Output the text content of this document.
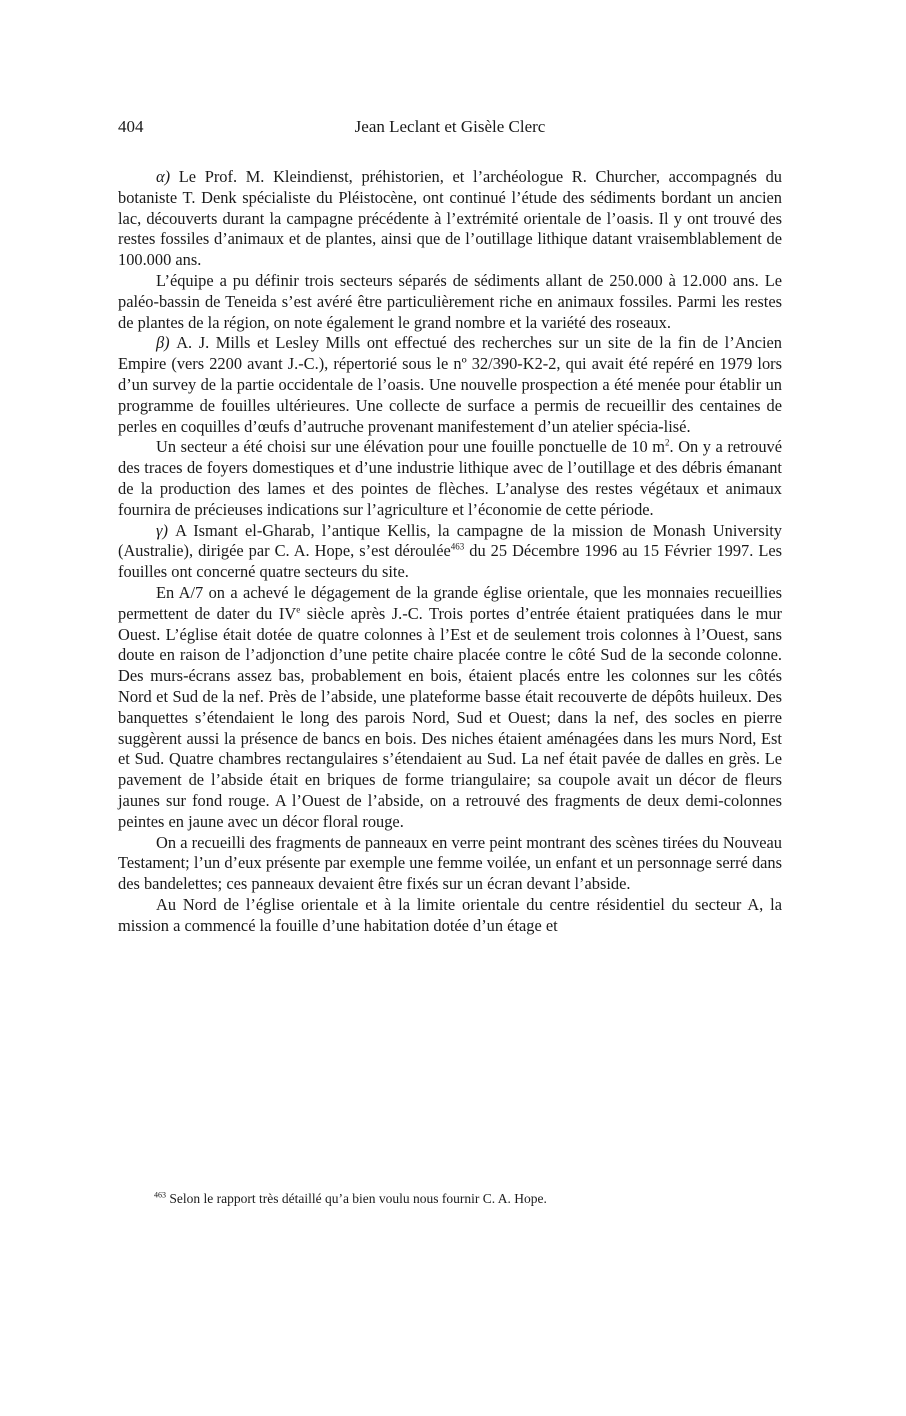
404	Jean Leclant et Gisèle Clerc

α) Le Prof. M. Kleindienst, préhistorien, et l’archéologue R. Churcher, accompagnés du botaniste T. Denk spécialiste du Pléistocène, ont continué l’étude des sédiments bordant un ancien lac, découverts durant la campagne précédente à l’extrémité orientale de l’oasis. Il y ont trouvé des restes fossiles d’animaux et de plantes, ainsi que de l’outillage lithique datant vraisemblablement de 100.000 ans.

L’équipe a pu définir trois secteurs séparés de sédiments allant de 250.000 à 12.000 ans. Le paléo-bassin de Teneida s’est avéré être particulièrement riche en animaux fossiles. Parmi les restes de plantes de la région, on note également le grand nombre et la variété des roseaux.

β) A. J. Mills et Lesley Mills ont effectué des recherches sur un site de la fin de l’Ancien Empire (vers 2200 avant J.-C.), répertorié sous le nº 32/390-K2-2, qui avait été repéré en 1979 lors d’un survey de la partie occidentale de l’oasis. Une nouvelle prospection a été menée pour établir un programme de fouilles ultérieures. Une collecte de surface a permis de recueillir des centaines de perles en coquilles d’œufs d’autruche provenant manifestement d’un atelier spécia-lisé.

Un secteur a été choisi sur une élévation pour une fouille ponctuelle de 10 $m^2$. On y a retrouvé des traces de foyers domestiques et d’une industrie lithique avec de l’outillage et des débris émanant de la production des lames et des pointes de flèches. L’analyse des restes végétaux et animaux fournira de précieuses indications sur l’agriculture et l’économie de cette période.

γ) A Ismant el-Gharab, l’antique Kellis, la campagne de la mission de Monash University (Australie), dirigée par C. A. Hope, s’est déroulée$^{463}$ du 25 Décembre 1996 au 15 Février 1997. Les fouilles ont concerné quatre secteurs du site.

En A/7 on a achevé le dégagement de la grande église orientale, que les monnaies recueillies permettent de dater du IVe siècle après J.-C. Trois portes d’entrée étaient pratiquées dans le mur Ouest. L’église était dotée de quatre colonnes à l’Est et de seulement trois colonnes à l’Ouest, sans doute en raison de l’adjonction d’une petite chaire placée contre le côté Sud de la seconde colonne. Des murs-écrans assez bas, probablement en bois, étaient placés entre les colonnes sur les côtés Nord et Sud de la nef. Près de l’abside, une plateforme basse était recouverte de dépôts huileux. Des banquettes s’étendaient le long des parois Nord, Sud et Ouest; dans la nef, des socles en pierre suggèrent aussi la présence de bancs en bois. Des niches étaient aménagées dans les murs Nord, Est et Sud. Quatre chambres rectangulaires s’étendaient au Sud. La nef était pavée de dalles en grès. Le pavement de l’abside était en briques de forme triangulaire; sa coupole avait un décor de fleurs jaunes sur fond rouge. A l’Ouest de l’abside, on a retrouvé des fragments de deux demi-colonnes peintes en jaune avec un décor floral rouge.

On a recueilli des fragments de panneaux en verre peint montrant des scènes tirées du Nouveau Testament; l’un d’eux présente par exemple une femme voilée, un enfant et un personnage serré dans des bandelettes; ces panneaux devaient être fixés sur un écran devant l’abside.

Au Nord de l’église orientale et à la limite orientale du centre résidentiel du secteur A, la mission a commencé la fouille d’une habitation dotée d’un étage et

$^{463}$ Selon le rapport très détaillé qu’a bien voulu nous fournir C. A. Hope.
